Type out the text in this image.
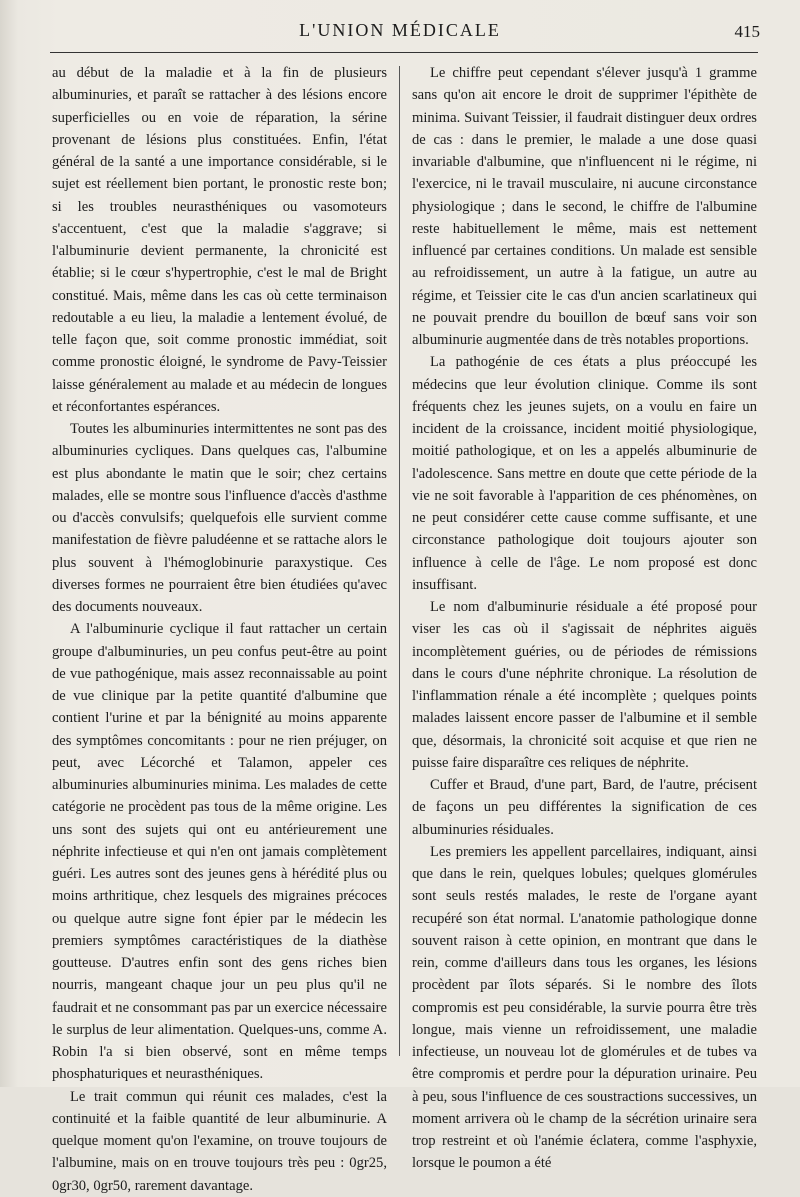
L'UNION MÉDICALE	415

au début de la maladie et à la fin de plusieurs albuminuries, et paraît se rattacher à des lésions encore superficielles ou en voie de réparation, la sérine provenant de lésions plus constituées. Enfin, l'état général de la santé a une importance considérable, si le sujet est réellement bien portant, le pronostic reste bon; si les troubles neurasthéniques ou vasomoteurs s'accentuent, c'est que la maladie s'aggrave; si l'albuminurie devient permanente, la chronicité est établie; si le cœur s'hypertrophie, c'est le mal de Bright constitué. Mais, même dans les cas où cette terminaison redoutable a eu lieu, la maladie a lentement évolué, de telle façon que, soit comme pronostic immédiat, soit comme pronostic éloigné, le syndrome de Pavy-Teissier laisse généralement au malade et au médecin de longues et réconfortantes espérances.

Toutes les albuminuries intermittentes ne sont pas des albuminuries cycliques. Dans quelques cas, l'albumine est plus abondante le matin que le soir; chez certains malades, elle se montre sous l'influence d'accès d'asthme ou d'accès convulsifs; quelquefois elle survient comme manifestation de fièvre paludéenne et se rattache alors le plus souvent à l'hémoglobinurie paraxystique. Ces diverses formes ne pourraient être bien étudiées qu'avec des documents nouveaux.

A l'albuminurie cyclique il faut rattacher un certain groupe d'albuminuries, un peu confus peut-être au point de vue pathogénique, mais assez reconnaissable au point de vue clinique par la petite quantité d'albumine que contient l'urine et par la bénignité au moins apparente des symptômes concomitants : pour ne rien préjuger, on peut, avec Lécorché et Talamon, appeler ces albuminuries albuminuries minima. Les malades de cette catégorie ne procèdent pas tous de la même origine. Les uns sont des sujets qui ont eu antérieurement une néphrite infectieuse et qui n'en ont jamais complètement guéri. Les autres sont des jeunes gens à hérédité plus ou moins arthritique, chez lesquels des migraines précoces ou quelque autre signe font épier par le médecin les premiers symptômes caractéristiques de la diathèse goutteuse. D'autres enfin sont des gens riches bien nourris, mangeant chaque jour un peu plus qu'il ne faudrait et ne consommant pas par un exercice nécessaire le surplus de leur alimentation. Quelques-uns, comme A. Robin l'a si bien observé, sont en même temps phosphaturiques et neurasthéniques.

Le trait commun qui réunit ces malades, c'est la continuité et la faible quantité de leur albuminurie. A quelque moment qu'on l'examine, on trouve toujours de l'albumine, mais on en trouve toujours très peu : 0gr25, 0gr30, 0gr50, rarement davantage.

Le chiffre peut cependant s'élever jusqu'à 1 gramme sans qu'on ait encore le droit de supprimer l'épithète de minima. Suivant Teissier, il faudrait distinguer deux ordres de cas : dans le premier, le malade a une dose quasi invariable d'albumine, que n'influencent ni le régime, ni l'exercice, ni le travail musculaire, ni aucune circonstance physiologique ; dans le second, le chiffre de l'albumine reste habituellement le même, mais est nettement influencé par certaines conditions. Un malade est sensible au refroidissement, un autre à la fatigue, un autre au régime, et Teissier cite le cas d'un ancien scarlatineux qui ne pouvait prendre du bouillon de bœuf sans voir son albuminurie augmentée dans de très notables proportions.

La pathogénie de ces états a plus préoccupé les médecins que leur évolution clinique. Comme ils sont fréquents chez les jeunes sujets, on a voulu en faire un incident de la croissance, incident moitié physiologique, moitié pathologique, et on les a appelés albuminurie de l'adolescence. Sans mettre en doute que cette période de la vie ne soit favorable à l'apparition de ces phénomènes, on ne peut considérer cette cause comme suffisante, et une circonstance pathologique doit toujours ajouter son influence à celle de l'âge. Le nom proposé est donc insuffisant.

Le nom d'albuminurie résiduale a été proposé pour viser les cas où il s'agissait de néphrites aiguës incomplètement guéries, ou de périodes de rémissions dans le cours d'une néphrite chronique. La résolution de l'inflammation rénale a été incomplète ; quelques points malades laissent encore passer de l'albumine et il semble que, désormais, la chronicité soit acquise et que rien ne puisse faire disparaître ces reliques de néphrite.

Cuffer et Braud, d'une part, Bard, de l'autre, précisent de façons un peu différentes la signification de ces albuminuries résiduales.

Les premiers les appellent parcellaires, indiquant, ainsi que dans le rein, quelques lobules; quelques glomérules sont seuls restés malades, le reste de l'organe ayant recupéré son état normal. L'anatomie pathologique donne souvent raison à cette opinion, en montrant que dans le rein, comme d'ailleurs dans tous les organes, les lésions procèdent par îlots séparés. Si le nombre des îlots compromis est peu considérable, la survie pourra être très longue, mais vienne un refroidissement, une maladie infectieuse, un nouveau lot de glomérules et de tubes va être compromis et perdre pour la dépuration urinaire. Peu à peu, sous l'influence de ces soustractions successives, un moment arrivera où le champ de la sécrétion urinaire sera trop restreint et où l'anémie éclatera, comme l'asphyxie, lorsque le poumon a été
